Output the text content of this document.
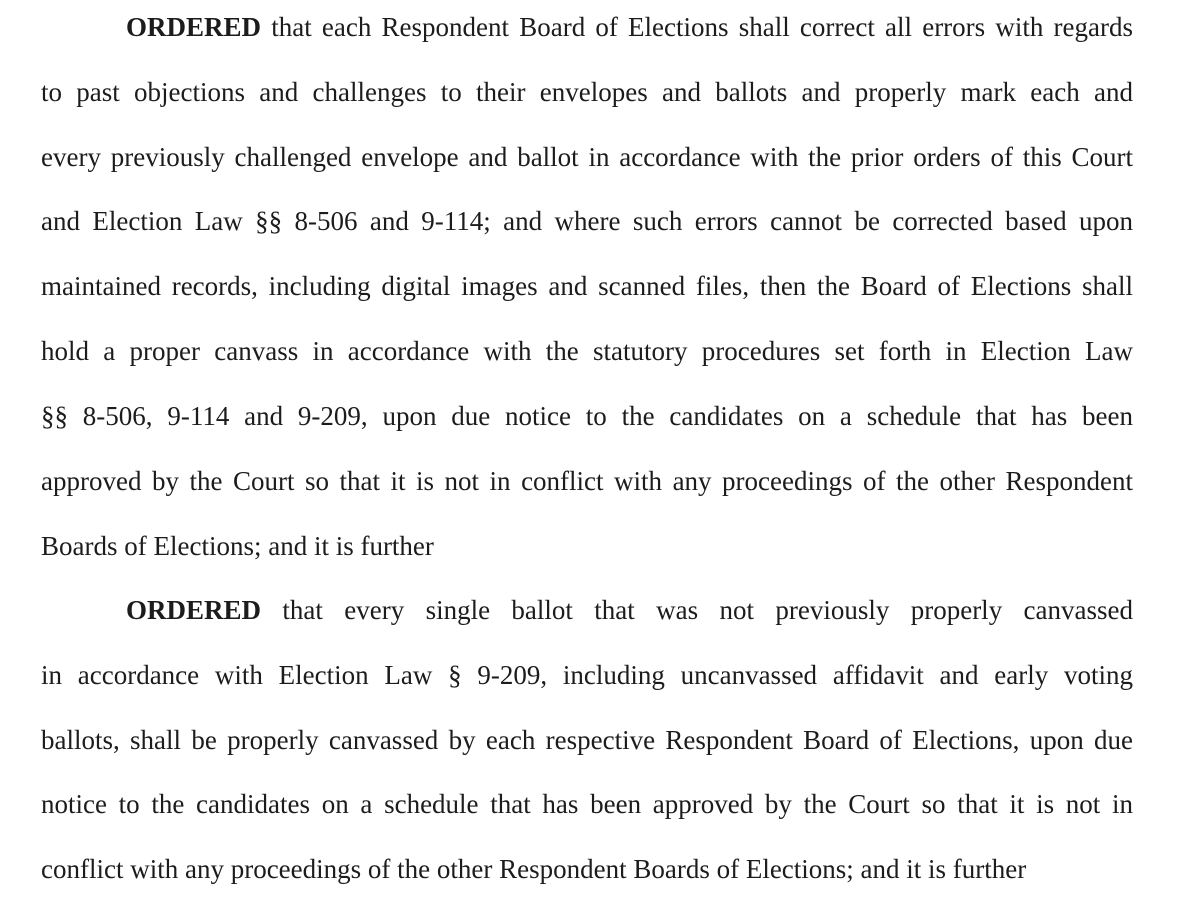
ORDERED that each Respondent Board of Elections shall correct all errors with regards
to past objections and challenges to their envelopes and ballots and properly mark each and
every previously challenged envelope and ballot in accordance with the prior orders of this Court
and Election Law §§ 8-506 and 9-114; and where such errors cannot be corrected based upon
maintained records, including digital images and scanned files, then the Board of Elections shall
hold a proper canvass in accordance with the statutory procedures set forth in Election Law
§§ 8-506, 9-114 and 9-209, upon due notice to the candidates on a schedule that has been
approved by the Court so that it is not in conflict with any proceedings of the other Respondent
Boards of Elections; and it is further
ORDERED that every single ballot that was not previously properly canvassed
in accordance with Election Law § 9-209, including uncanvassed affidavit and early voting
ballots, shall be properly canvassed by each respective Respondent Board of Elections, upon due
notice to the candidates on a schedule that has been approved by the Court so that it is not in
conflict with any proceedings of the other Respondent Boards of Elections; and it is further
